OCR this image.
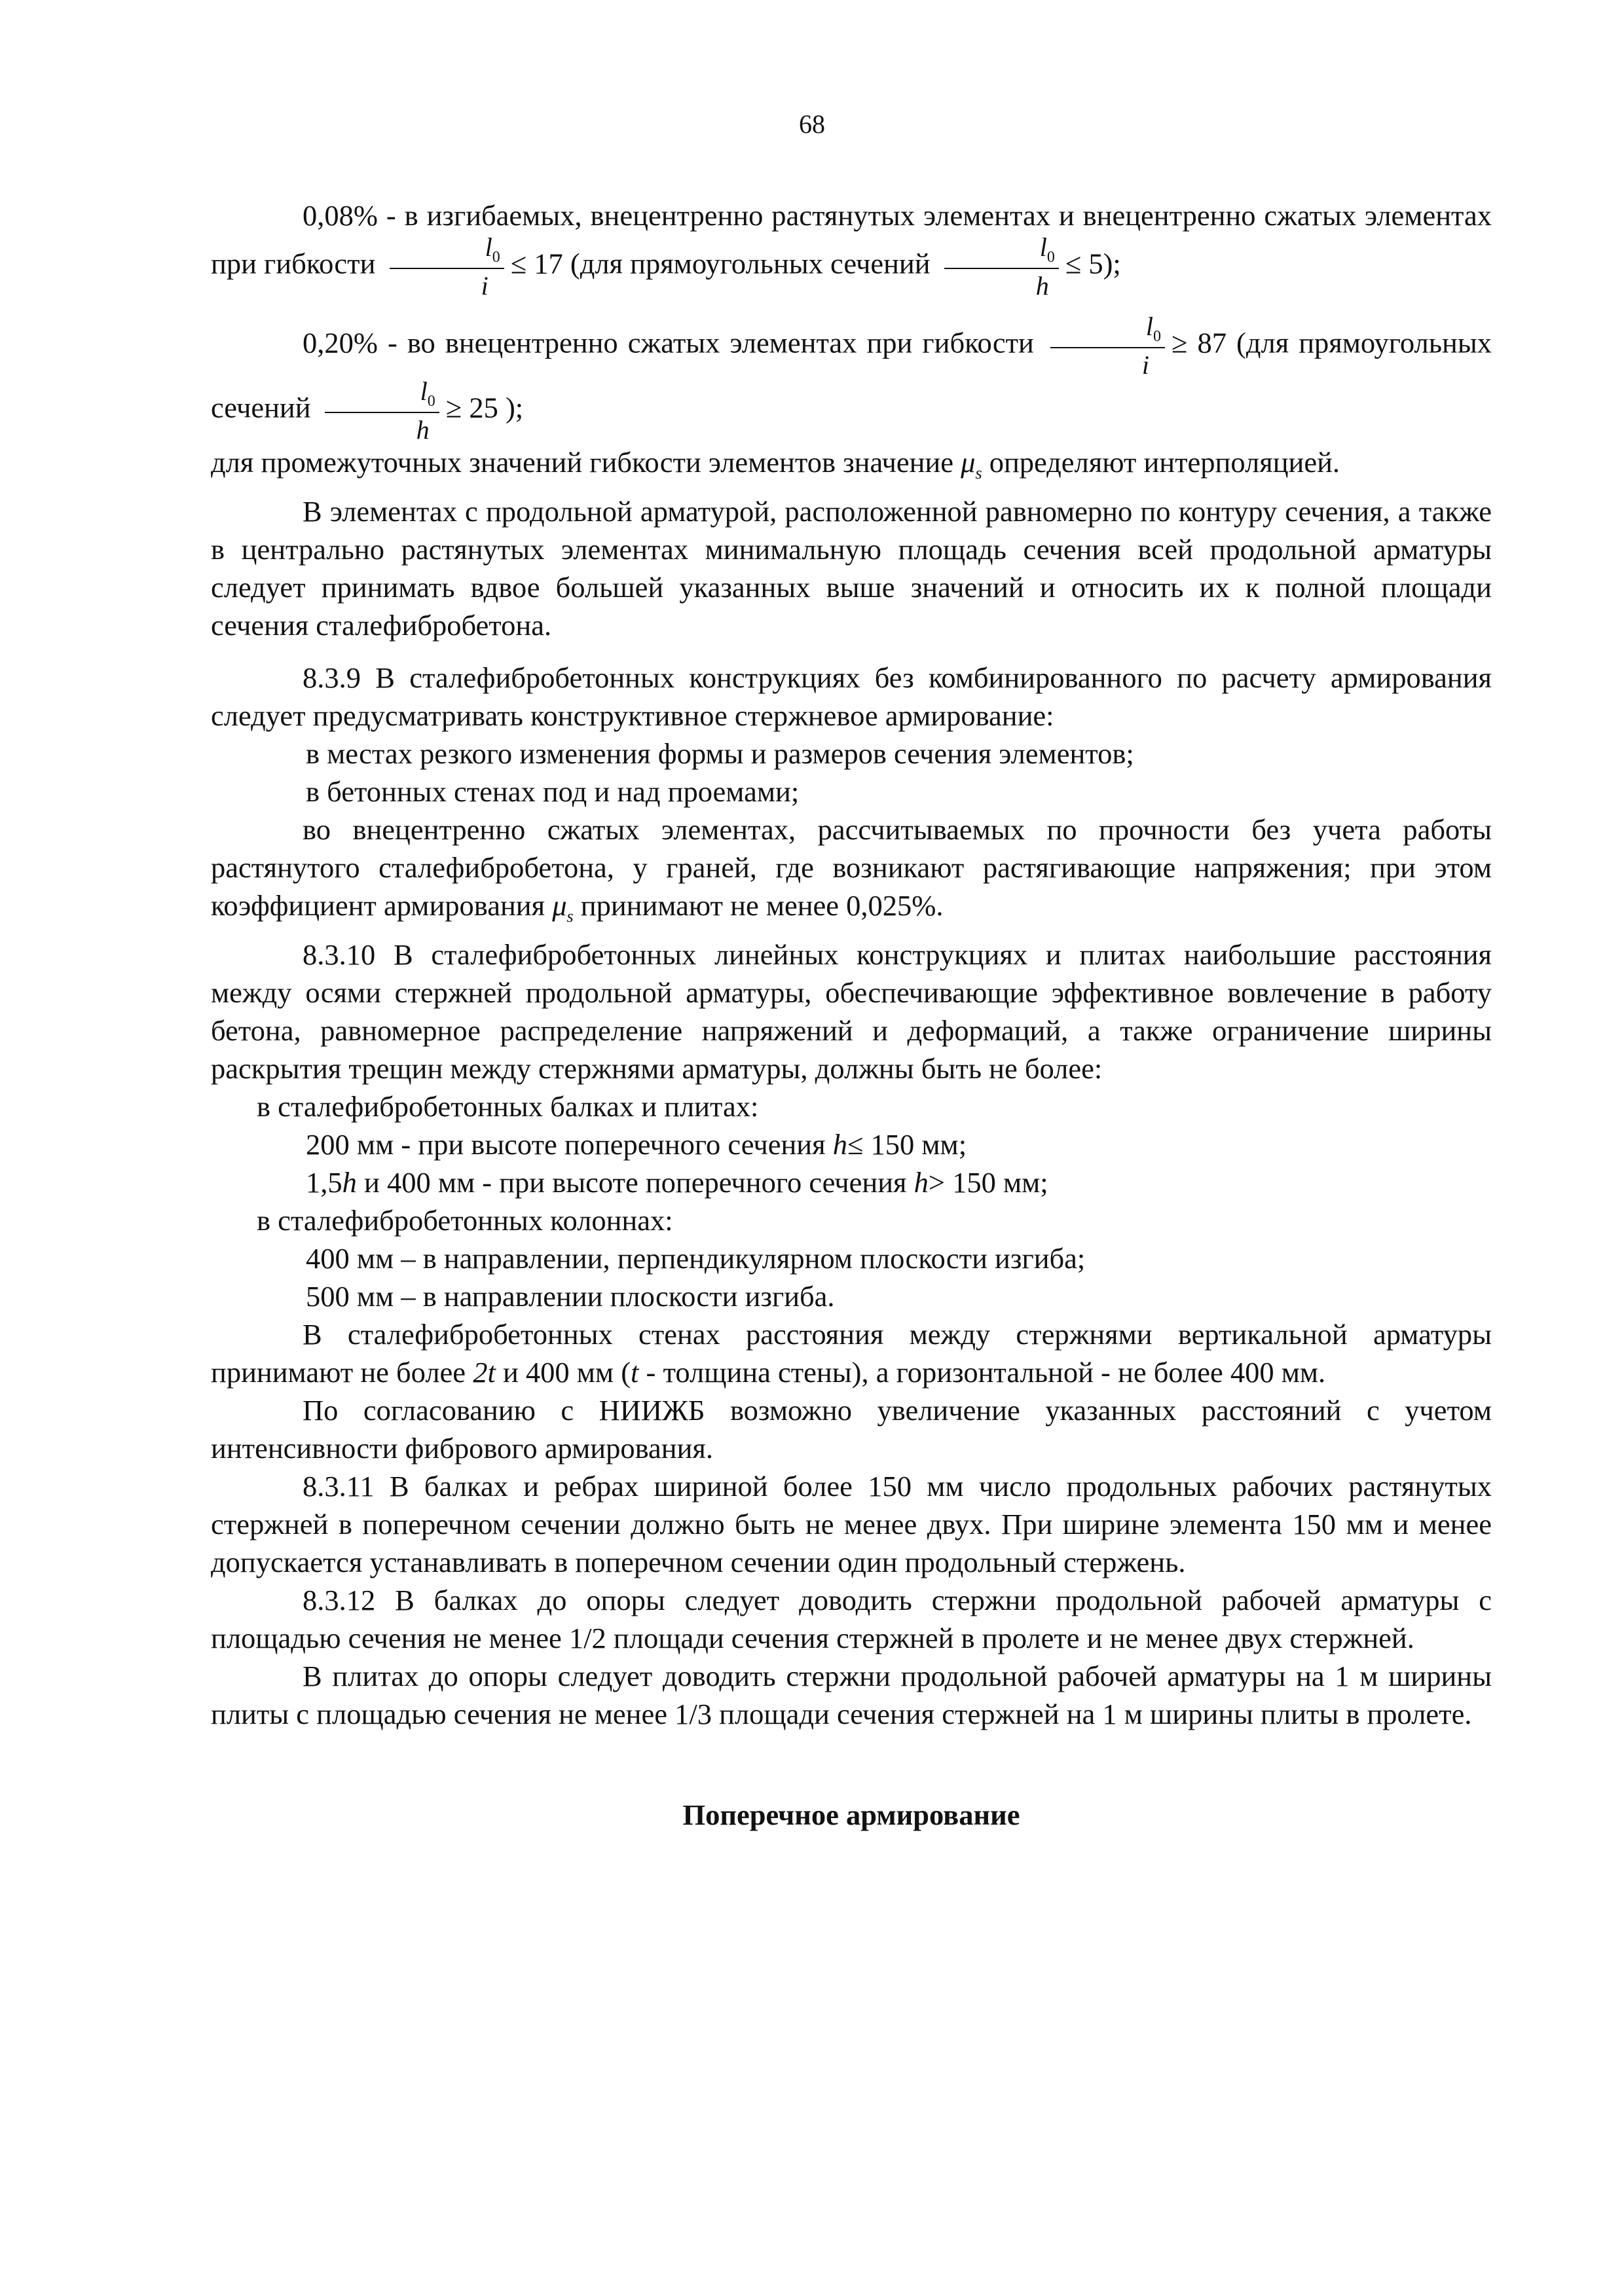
68

0,08% - в изгибаемых, внецентренно растянутых элементах и внецентренно сжатых элементах при гибкости $\frac{l_0}{i} \le 17$ (для прямоугольных сечений $\frac{l_0}{h} \le 5$);

0,20% - во внецентренно сжатых элементах при гибкости $\frac{l_0}{i} \ge 87$ (для прямоугольных сечений $\frac{l_0}{h} \ge 25$ );

для промежуточных значений гибкости элементов значение $\mu_s$ определяют интерполяцией.

В элементах с продольной арматурой, расположенной равномерно по контуру сечения, а также в центрально растянутых элементах минимальную площадь сечения всей продольной арматуры следует принимать вдвое большей указанных выше значений и относить их к полной площади сечения сталефибробетона.

8.3.9 В сталефибробетонных конструкциях без комбинированного по расчету армирования следует предусматривать конструктивное стержневое армирование:

в местах резкого изменения формы и размеров сечения элементов;

в бетонных стенах под и над проемами;

во внецентренно сжатых элементах, рассчитываемых по прочности без учета работы растянутого сталефибробетона, у граней, где возникают растягивающие напряжения; при этом коэффициент армирования $\mu_s$ принимают не менее 0,025%.

8.3.10 В сталефибробетонных линейных конструкциях и плитах наибольшие расстояния между осями стержней продольной арматуры, обеспечивающие эффективное вовлечение в работу бетона, равномерное распределение напряжений и деформаций, а также ограничение ширины раскрытия трещин между стержнями арматуры, должны быть не более:

в сталефибробетонных балках и плитах:

200 мм - при высоте поперечного сечения h≤ 150 мм;

1,5h и 400 мм - при высоте поперечного сечения h> 150 мм;

в сталефибробетонных колоннах:

400 мм – в направлении, перпендикулярном плоскости изгиба;

500 мм – в направлении плоскости изгиба.

В сталефибробетонных стенах расстояния между стержнями вертикальной арматуры принимают не более 2t и 400 мм (t - толщина стены), а горизонтальной - не более 400 мм.

По согласованию с НИИЖБ возможно увеличение указанных расстояний с учетом интенсивности фибрового армирования.

8.3.11 В балках и ребрах шириной более 150 мм число продольных рабочих растянутых стержней в поперечном сечении должно быть не менее двух. При ширине элемента 150 мм и менее допускается устанавливать в поперечном сечении один продольный стержень.

8.3.12 В балках до опоры следует доводить стержни продольной рабочей арматуры с площадью сечения не менее 1/2 площади сечения стержней в пролете и не менее двух стержней.

В плитах до опоры следует доводить стержни продольной рабочей арматуры на 1 м ширины плиты с площадью сечения не менее 1/3 площади сечения стержней на 1 м ширины плиты в пролете.

Поперечное армирование
